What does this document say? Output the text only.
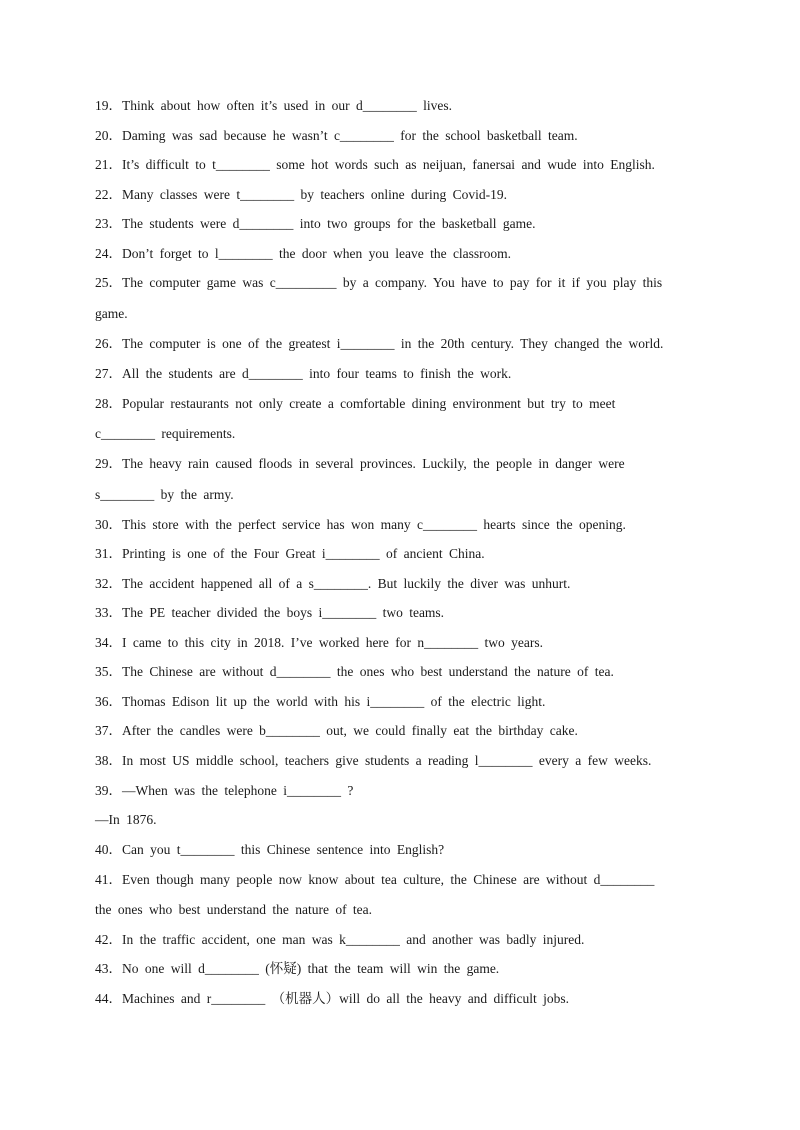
19．Think about how often it’s used in our d________ lives.
20．Daming was sad because he wasn’t c________ for the school basketball team.
21．It’s difficult to t________ some hot words such as neijuan, fanersai and wude into English.
22．Many classes were t________ by teachers online during Covid-19.
23．The students were d________ into two groups for the basketball game.
24．Don’t forget to l________ the door when you leave the classroom.
25．The computer game was c_________ by a company. You have to pay for it if you play this
game.
26．The computer is one of the greatest i________ in the 20th century. They changed the world.
27．All the students are d________ into four teams to finish the work.
28．Popular restaurants not only create a comfortable dining environment but try to meet
c________ requirements.
29．The heavy rain caused floods in several provinces. Luckily, the people in danger were
s________ by the army.
30．This store with the perfect service has won many c________ hearts since the opening.
31．Printing is one of the Four Great i________ of ancient China.
32．The accident happened all of a s________. But luckily the diver was unhurt.
33．The PE teacher divided the boys i________ two teams.
34．I came to this city in 2018. I’ve worked here for n________ two years.
35．The Chinese are without d________ the ones who best understand the nature of tea.
36．Thomas Edison lit up the world with his i________ of the electric light.
37．After the candles were b________ out, we could finally eat the birthday cake.
38．In most US middle school, teachers give students a reading l________ every a few weeks.
39．—When was the telephone i________ ?
—In 1876.
40．Can you t________ this Chinese sentence into English?
41．Even though many people now know about tea culture, the Chinese are without d________
the ones who best understand the nature of tea.
42．In the traffic accident, one man was k________ and another was badly injured.
43．No one will d________ (怀疑) that the team will win the game.
44．Machines and r________ （机器人）will do all the heavy and difficult jobs.
